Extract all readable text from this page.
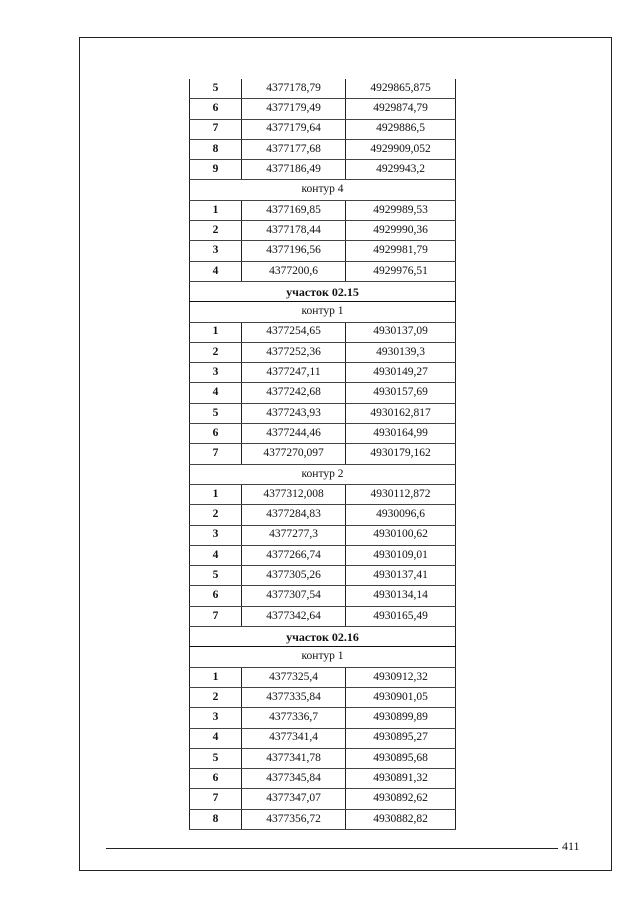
5	4377178,79	4929865,875
6	4377179,49	4929874,79
7	4377179,64	4929886,5
8	4377177,68	4929909,052
9	4377186,49	4929943,2
контур 4		
1	4377169,85	4929989,53
2	4377178,44	4929990,36
3	4377196,56	4929981,79
4	4377200,6	4929976,51
участок 02.15		
контур 1		
1	4377254,65	4930137,09
2	4377252,36	4930139,3
3	4377247,11	4930149,27
4	4377242,68	4930157,69
5	4377243,93	4930162,817
6	4377244,46	4930164,99
7	4377270,097	4930179,162
контур 2		
1	4377312,008	4930112,872
2	4377284,83	4930096,6
3	4377277,3	4930100,62
4	4377266,74	4930109,01
5	4377305,26	4930137,41
6	4377307,54	4930134,14
7	4377342,64	4930165,49
участок 02.16		
контур 1		
1	4377325,4	4930912,32
2	4377335,84	4930901,05
3	4377336,7	4930899,89
4	4377341,4	4930895,27
5	4377341,78	4930895,68
6	4377345,84	4930891,32
7	4377347,07	4930892,62
8	4377356,72	4930882,82
411
